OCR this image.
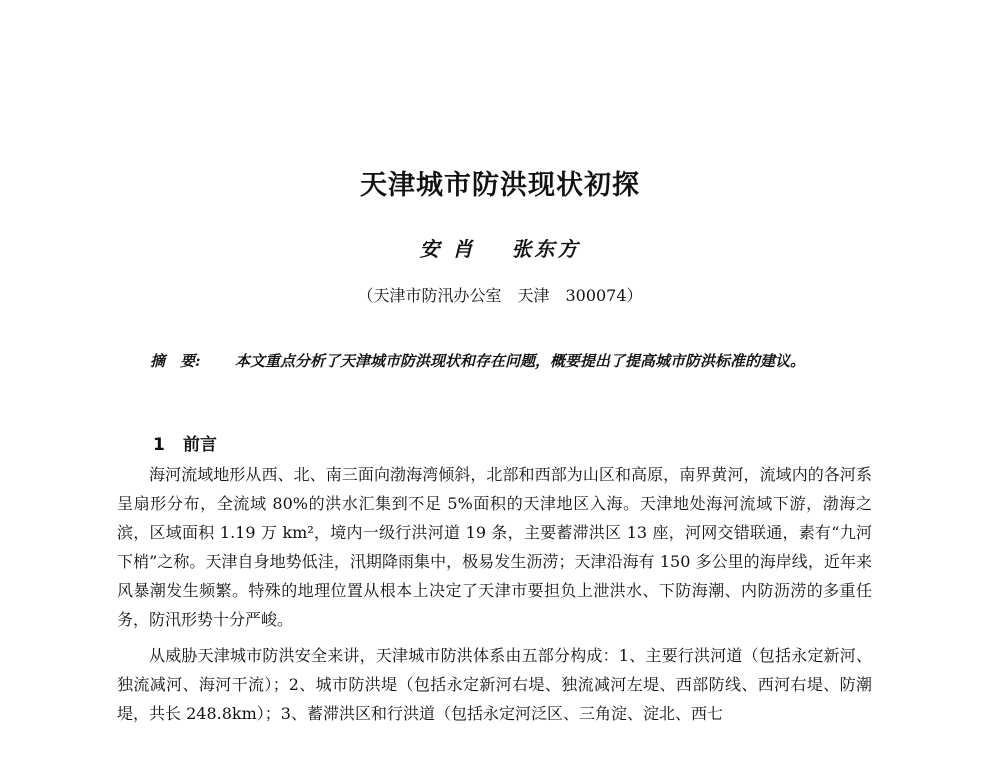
天津城市防洪现状初探
安 肖 张东方
（天津市防汛办公室　天津　300074）
摘　要: 本文重点分析了天津城市防洪现状和存在问题，概要提出了提高城市防洪标准的建议。
1 前言

海河流域地形从西、北、南三面向渤海湾倾斜，北部和西部为山区和高原，南界黄河，流域内的各河系呈扇形分布，全流域 80%的洪水汇集到不足 5%面积的天津地区入海。天津地处海河流域下游，渤海之滨，区域面积 1.19 万 km²，境内一级行洪河道 19 条，主要蓄滞洪区 13 座，河网交错联通，素有“九河下梢”之称。天津自身地势低洼，汛期降雨集中，极易发生沥涝；天津沿海有 150 多公里的海岸线，近年来风暴潮发生频繁。特殊的地理位置从根本上决定了天津市要担负上泄洪水、下防海潮、内防沥涝的多重任务，防汛形势十分严峻。

从威胁天津城市防洪安全来讲，天津城市防洪体系由五部分构成：1、主要行洪河道（包括永定新河、独流减河、海河干流）；2、城市防洪堤（包括永定新河右堤、独流减河左堤、西部防线、西河右堤、防潮堤，共长 248.8km）；3、蓄滞洪区和行洪道（包括永定河泛区、三角淀、淀北、西七
